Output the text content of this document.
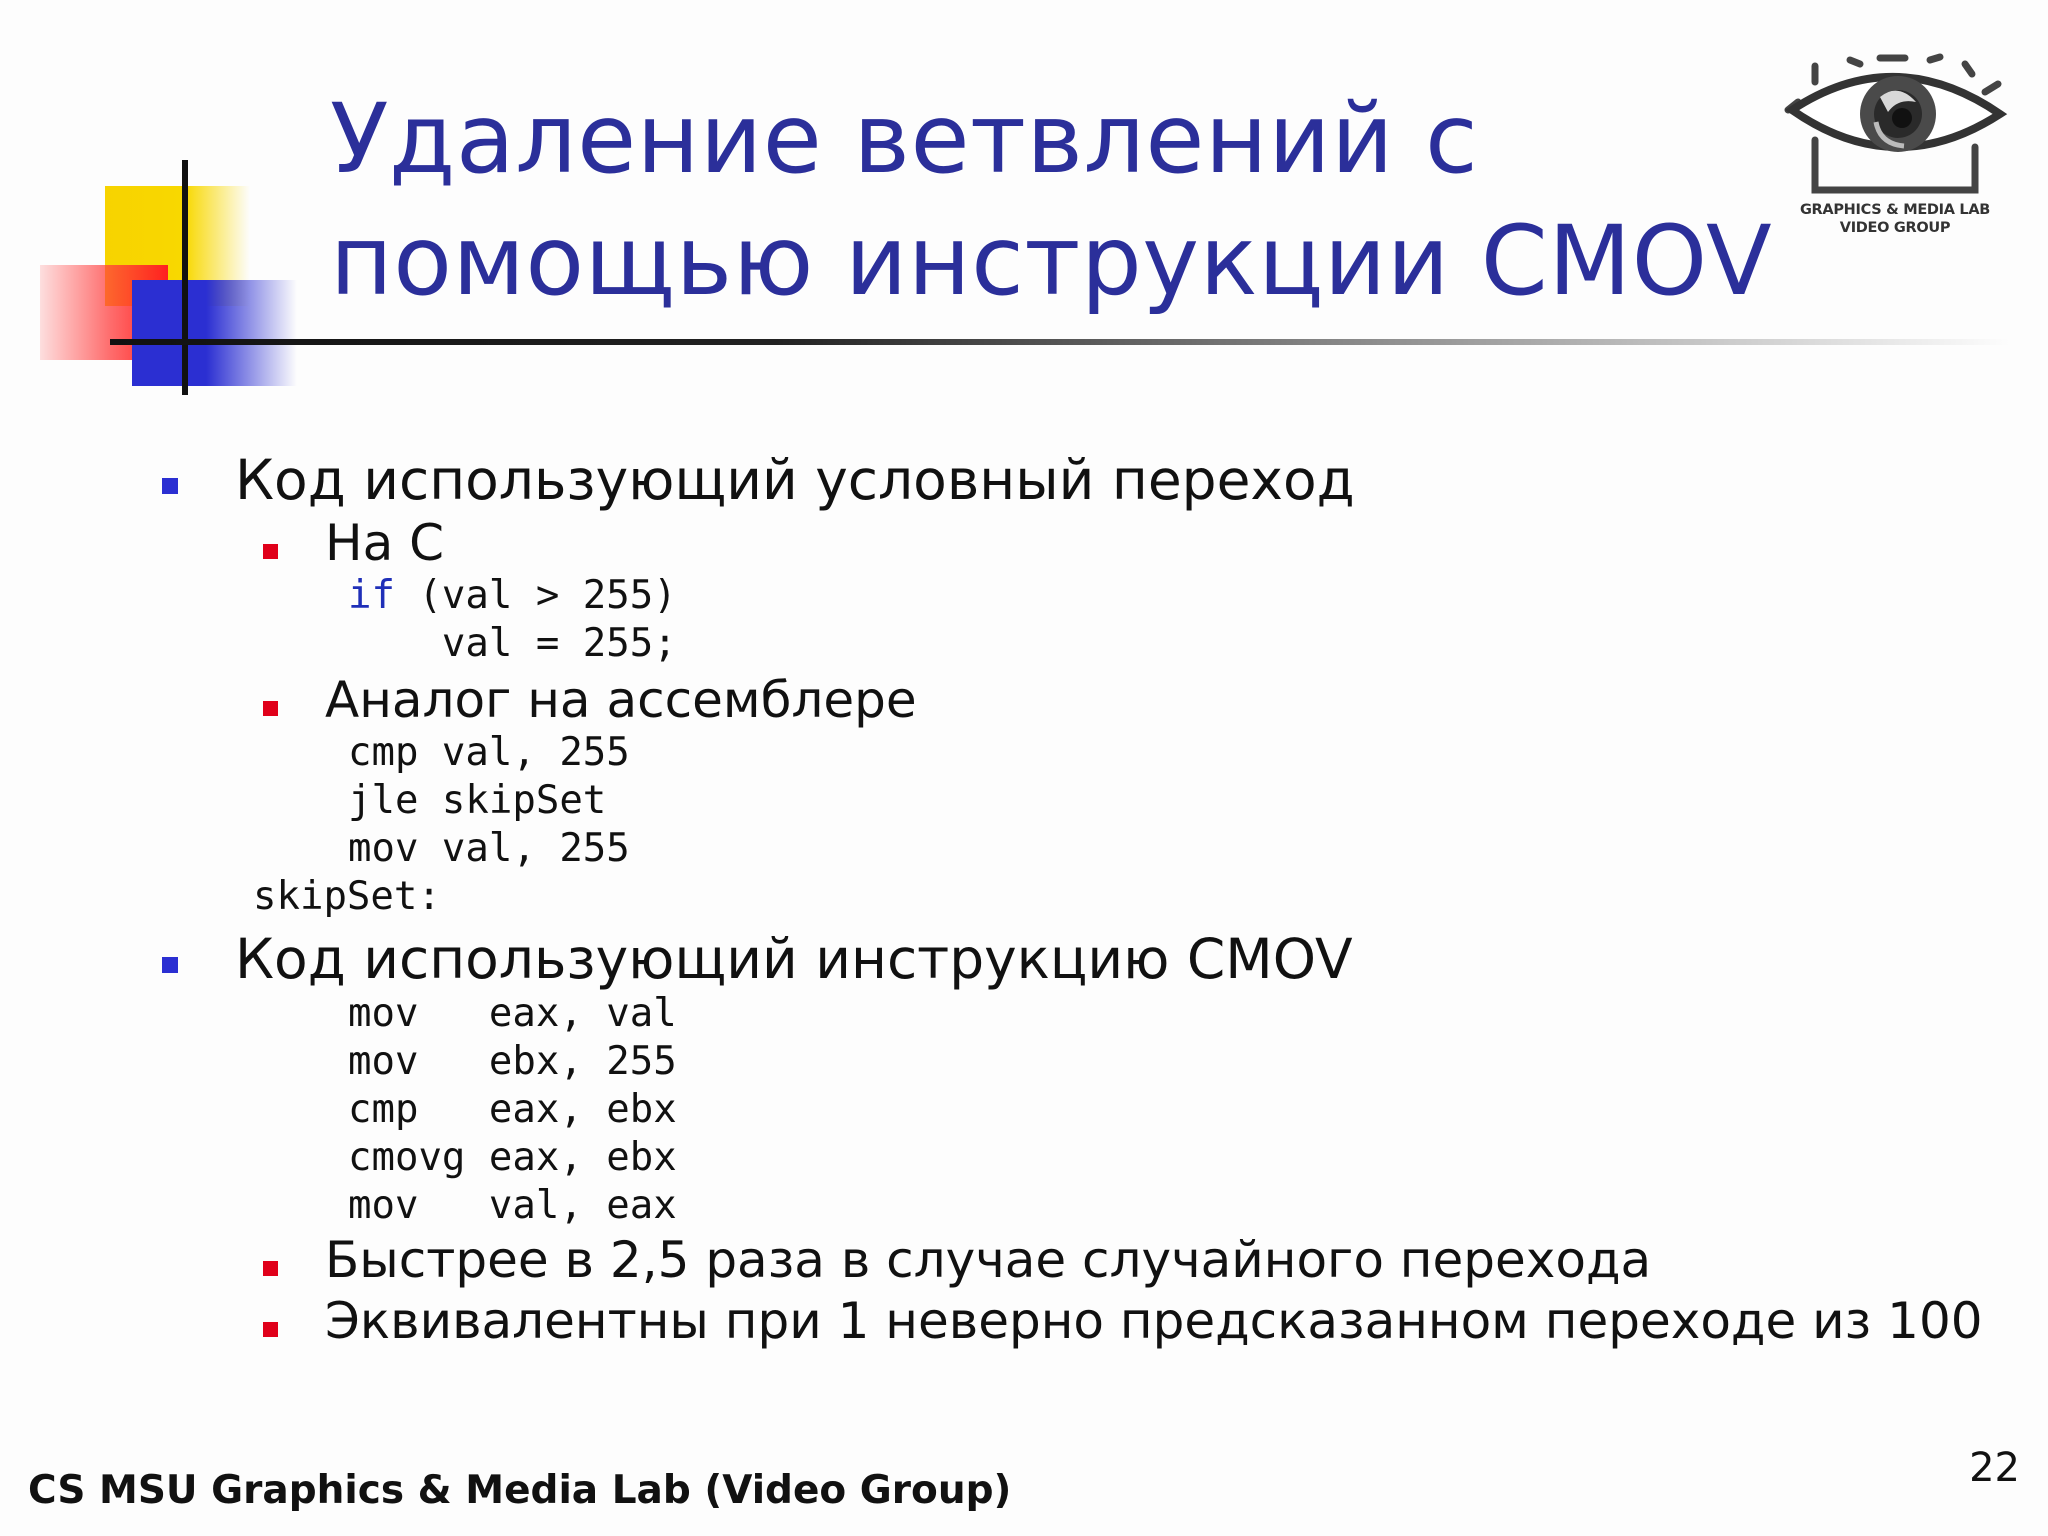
Удаление ветвлений с
помощью инструкции CMOV	GRAPHICS & MEDIA LAB
VIDEO GROUP
Код использующий условный переход
На C
if (val > 255)
val = 255;
Аналог на ассемблере
cmp val, 255
jle skipSet
mov val, 255
skipSet:
Код использующий инструкцию CMOV
mov   eax, val
mov   ebx, 255
cmp   eax, ebx
cmovg eax, ebx
mov   val, eax
Быстрее в 2,5 раза в случае случайного перехода
Эквивалентны при 1 неверно предсказанном переходе из 100
CS MSU Graphics & Media Lab (Video Group)	22
